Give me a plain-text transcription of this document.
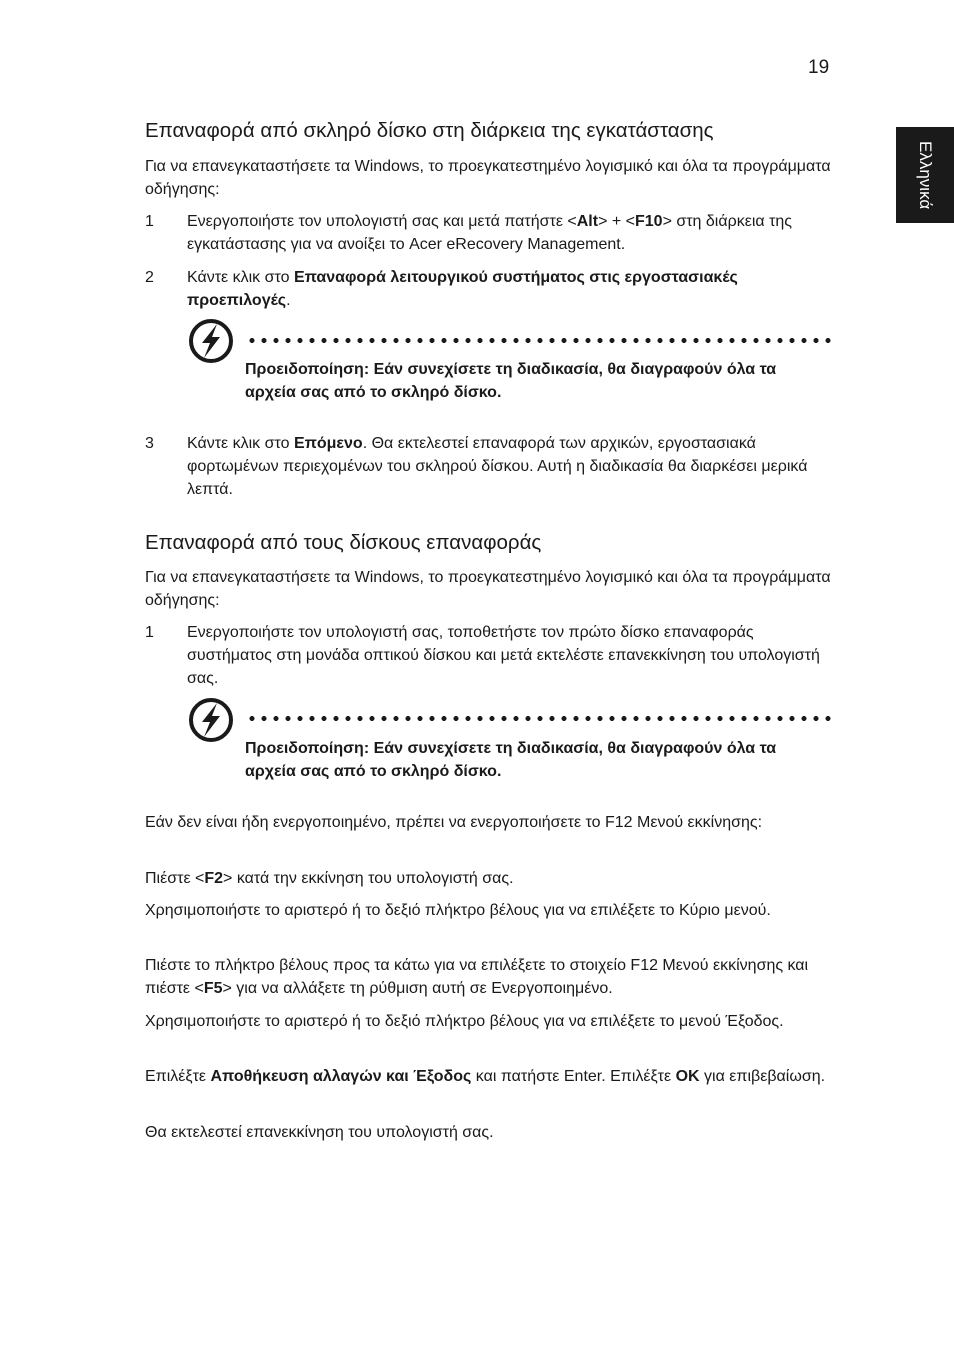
19
Ελληνικά
Επαναφορά από σκληρό δίσκο στη διάρκεια της εγκατάστασης
Για να επανεγκαταστήσετε τα Windows, το προεγκατεστημένο λογισμικό και όλα τα προγράμματα οδήγησης:
1 Ενεργοποιήστε τον υπολογιστή σας και μετά πατήστε <Alt> + <F10> στη διάρκεια της εγκατάστασης για να ανοίξει το Acer eRecovery Management.
2 Κάντε κλικ στο Επαναφορά λειτουργικού συστήματος στις εργοστασιακές προεπιλογές.
Προειδοποίηση: Εάν συνεχίσετε τη διαδικασία, θα διαγραφούν όλα τα αρχεία σας από το σκληρό δίσκο.
3 Κάντε κλικ στο Επόμενο. Θα εκτελεστεί επαναφορά των αρχικών, εργοστασιακά φορτωμένων περιεχομένων του σκληρού δίσκου. Αυτή η διαδικασία θα διαρκέσει μερικά λεπτά.
Επαναφορά από τους δίσκους επαναφοράς
Για να επανεγκαταστήσετε τα Windows, το προεγκατεστημένο λογισμικό και όλα τα προγράμματα οδήγησης:
1 Ενεργοποιήστε τον υπολογιστή σας, τοποθετήστε τον πρώτο δίσκο επαναφοράς συστήματος στη μονάδα οπτικού δίσκου και μετά εκτελέστε επανεκκίνηση του υπολογιστή σας.
Προειδοποίηση: Εάν συνεχίσετε τη διαδικασία, θα διαγραφούν όλα τα αρχεία σας από το σκληρό δίσκο.
Εάν δεν είναι ήδη ενεργοποιημένο, πρέπει να ενεργοποιήσετε το F12 Μενού εκκίνησης:
Πιέστε <F2> κατά την εκκίνηση του υπολογιστή σας.
Χρησιμοποιήστε το αριστερό ή το δεξιό πλήκτρο βέλους για να επιλέξετε το Κύριο μενού.
Πιέστε το πλήκτρο βέλους προς τα κάτω για να επιλέξετε το στοιχείο F12 Μενού εκκίνησης και πιέστε <F5> για να αλλάξετε τη ρύθμιση αυτή σε Ενεργοποιημένο.
Χρησιμοποιήστε το αριστερό ή το δεξιό πλήκτρο βέλους για να επιλέξετε το μενού Έξοδος.
Επιλέξτε Αποθήκευση αλλαγών και Έξοδος και πατήστε Enter. Επιλέξτε OK για επιβεβαίωση.
Θα εκτελεστεί επανεκκίνηση του υπολογιστή σας.
